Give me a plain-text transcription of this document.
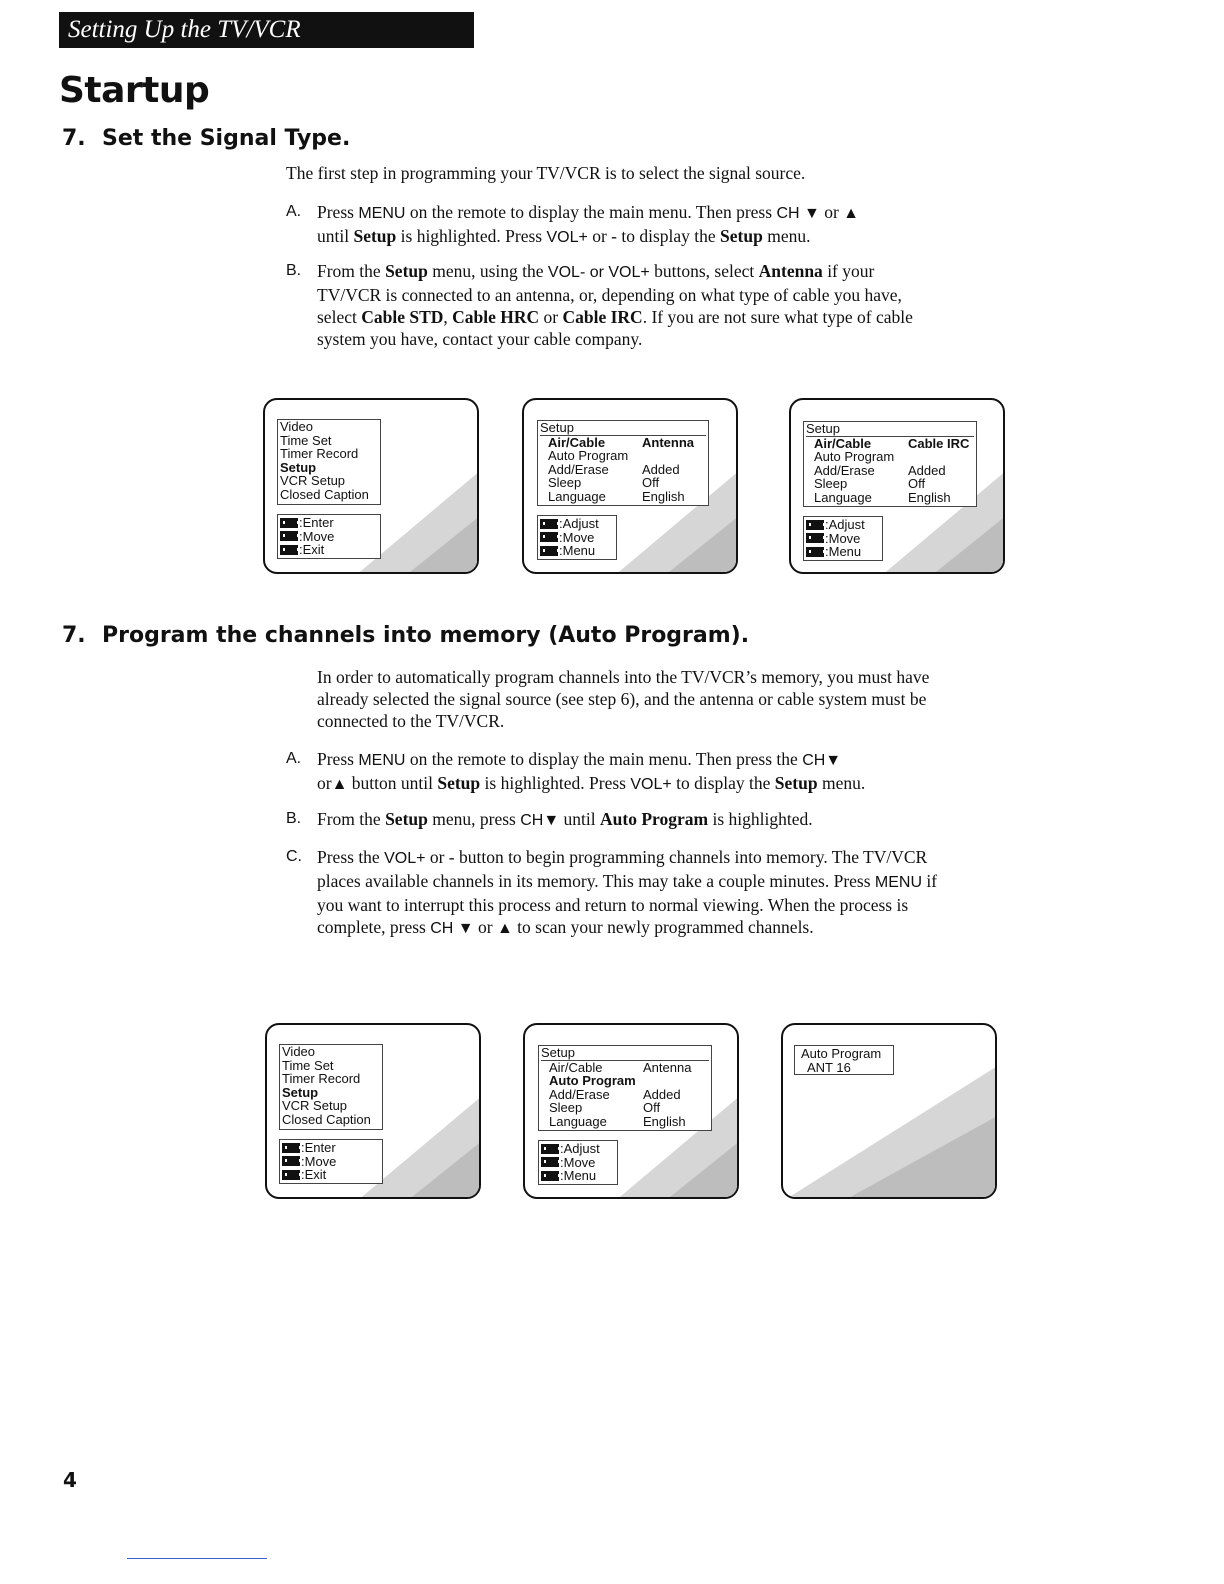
Setting Up the TV/VCR
Startup
7. Set the Signal Type.

The first step in programming your TV/VCR is to select the signal source.

A. Press MENU on the remote to display the main menu. Then press CH ▼ or ▲
until Setup is highlighted. Press VOL+ or - to display the Setup menu.
B. From the Setup menu, using the VOL- or VOL+ buttons, select Antenna if your TV/VCR is connected to an antenna, or, depending on what type of cable you have, select Cable STD, Cable HRC or Cable IRC. If you are not sure what type of cable system you have, contact your cable company.
Video
Time Set
Timer Record
Setup
VCR Setup
Closed Caption
: Enter
: Move
: Exit
Setup
Air/Cable	Antenna
Auto Program
Add/Erase	Added
Sleep	Off
Language	English
: Adjust
: Move
: Menu
Setup
Air/Cable	Cable IRC
Auto Program
Add/Erase	Added
Sleep	Off
Language	English
: Adjust
: Move
: Menu
7. Program the channels into memory (Auto Program).

In order to automatically program channels into the TV/VCR’s memory, you must have already selected the signal source (see step 6), and the antenna or cable system must be connected to the TV/VCR.

A. Press MENU on the remote to display the main menu. Then press the CH▼
or▲ button until Setup is highlighted. Press VOL+ to display the Setup menu.
B. From the Setup menu, press CH▼ until Auto Program is highlighted.
C. Press the VOL+ or - button to begin programming channels into memory. The TV/VCR places available channels in its memory. This may take a couple minutes. Press MENU if you want to interrupt this process and return to normal viewing. When the process is complete, press CH ▼ or ▲ to scan your newly programmed channels.
Video
Time Set
Timer Record
Setup
VCR Setup
Closed Caption
: Enter
: Move
: Exit
Setup
Air/Cable	Antenna
Auto Program
Add/Erase	Added
Sleep	Off
Language	English
: Adjust
: Move
: Menu
Auto Program
ANT 16
4
